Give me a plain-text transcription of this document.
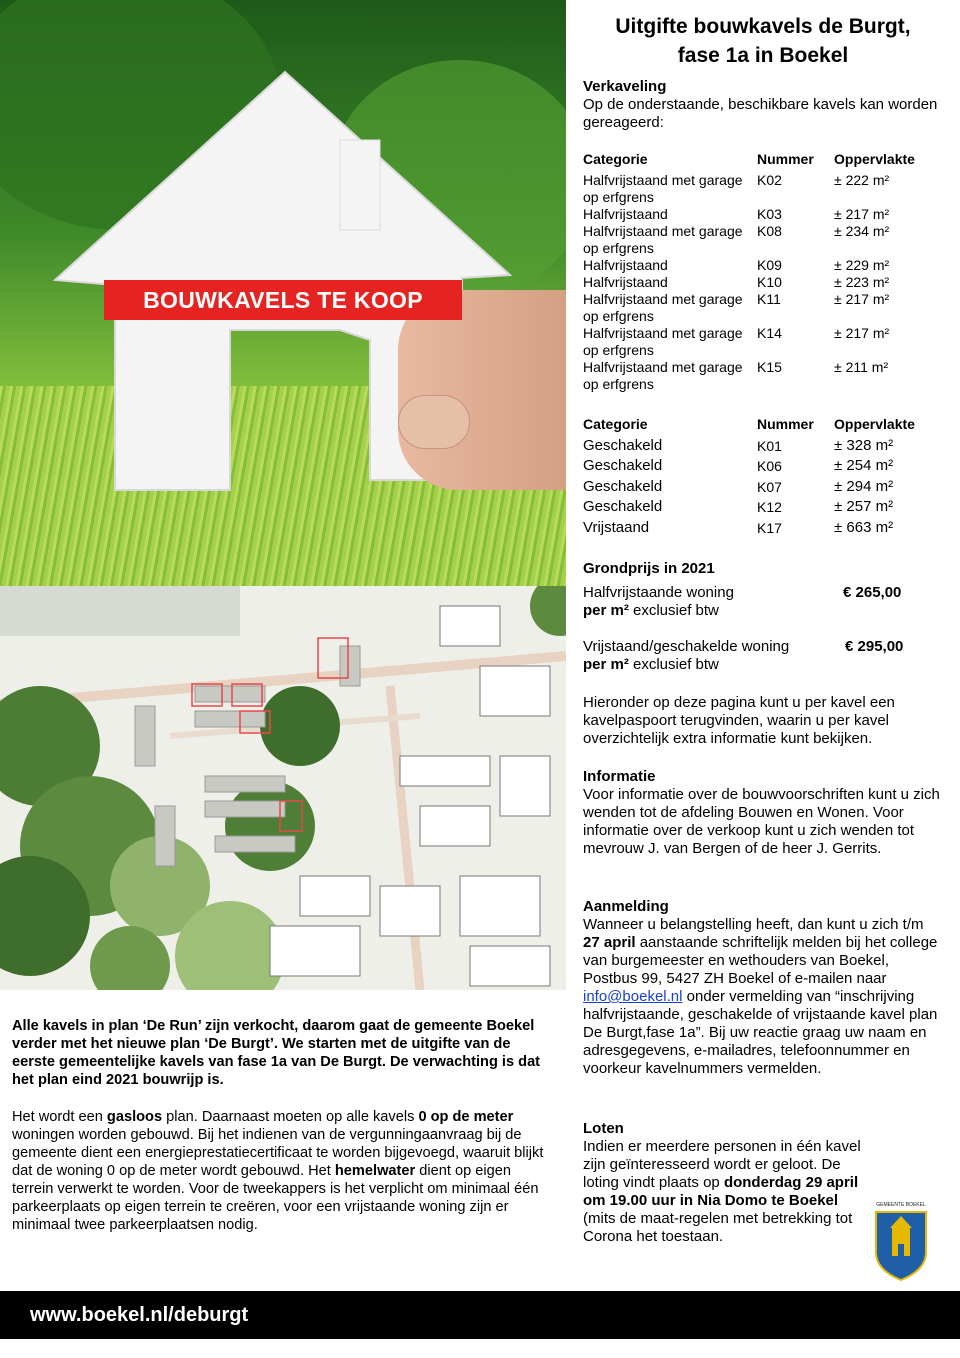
BOUWKAVELS TE KOOP
Uitgifte bouwkavels de Burgt,
fase 1a in Boekel
Verkaveling
Op de onderstaande, beschikbare kavels kan worden gereageerd:
Categorie	Nummer	Oppervlakte
Halfvrijstaand met garage op erfgrens	K02	± 222 m²
Halfvrijstaand	K03	± 217 m²
Halfvrijstaand met garage op erfgrens	K08	± 234 m²
Halfvrijstaand	K09	± 229 m²
Halfvrijstaand	K10	± 223 m²
Halfvrijstaand met garage op erfgrens	K11	± 217 m²
Halfvrijstaand met garage op erfgrens	K14	± 217 m²
Halfvrijstaand met garage op erfgrens	K15	± 211 m²
Categorie	Nummer	Oppervlakte
Geschakeld	K01	± 328 m²
Geschakeld	K06	± 254 m²
Geschakeld	K07	± 294 m²
Geschakeld	K12	± 257 m²
Vrijstaand	K17	± 663 m²
Grondprijs in 2021
Halfvrijstaande woning	€ 265,00
per m² exclusief btw
Vrijstaand/geschakelde woning	€ 295,00
per m² exclusief btw
Hieronder op deze pagina kunt u per kavel een kavelpaspoort terugvinden, waarin u per kavel overzichtelijk extra informatie kunt bekijken.
Informatie
Voor informatie over de bouwvoorschriften kunt u zich wenden tot de afdeling Bouwen en Wonen. Voor informatie over de verkoop kunt u zich wenden tot mevrouw J. van Bergen of de heer J. Gerrits.
Aanmelding
Wanneer u belangstelling heeft, dan kunt u zich t/m 27 april aanstaande schriftelijk melden bij het college van burgemeester en wethouders van Boekel, Postbus 99, 5427 ZH Boekel of e-mailen naar info@boekel.nl onder vermelding van “inschrijving halfvrijstaande, geschakelde of vrijstaande kavel plan De Burgt,fase 1a”. Bij uw reactie graag uw naam en adresgegevens, e-mailadres, telefoonnummer en voorkeur kavelnummers vermelden.
Loten
Indien er meerdere personen in één kavel zijn geïnteresseerd wordt er geloot. De loting vindt plaats op donderdag 29 april om 19.00 uur in Nia Domo te Boekel (mits de maat-regelen met betrekking tot Corona het toestaan.
GEMEENTE BOEKEL
Alle kavels in plan ‘De Run’ zijn verkocht, daarom gaat de gemeente Boekel verder met het nieuwe plan ‘De Burgt’. We starten met de uitgifte van de eerste gemeentelijke kavels van fase 1a van De Burgt. De verwachting is dat het plan eind 2021 bouwrijp is.
Het wordt een gasloos plan. Daarnaast moeten op alle kavels 0 op de meter woningen worden gebouwd. Bij het indienen van de vergunningaanvraag bij de gemeente dient een energieprestatiecertificaat te worden bijgevoegd, waaruit blijkt dat de woning 0 op de meter wordt gebouwd. Het hemelwater dient op eigen terrein verwerkt te worden. Voor de tweekappers is het verplicht om minimaal één parkeerplaats op eigen terrein te creëren, voor een vrijstaande woning zijn er minimaal twee parkeerplaatsen nodig.
www.boekel.nl/deburgt
